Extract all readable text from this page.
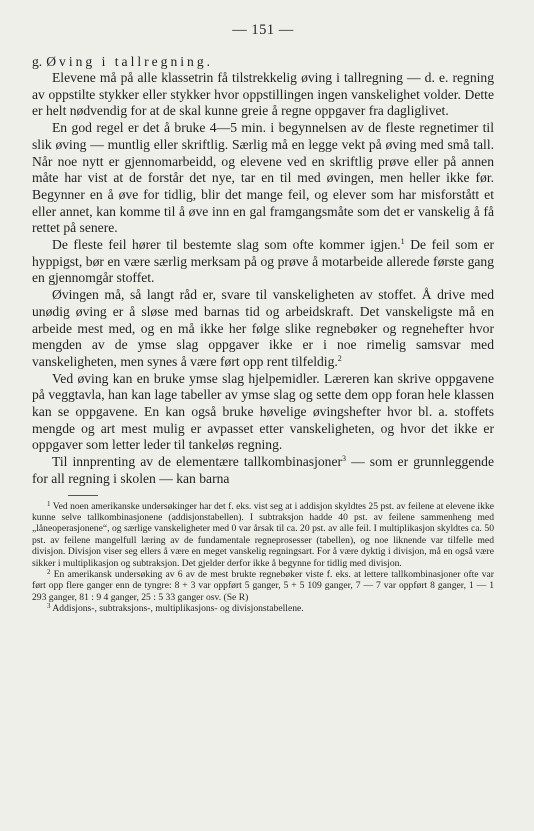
— 151 —

g. Øving i tallregning.

Elevene må på alle klassetrin få tilstrekkelig øving i tallregning — d. e. regning av oppstilte stykker eller stykker hvor oppstillingen ingen vanskelighet volder. Dette er helt nødvendig for at de skal kunne greie å regne oppgaver fra dagliglivet.

En god regel er det å bruke 4—5 min. i begynnelsen av de fleste regnetimer til slik øving — muntlig eller skriftlig. Særlig må en legge vekt på øving med små tall. Når noe nytt er gjennomarbeidd, og elevene ved en skriftlig prøve eller på annen måte har vist at de forstår det nye, tar en til med øvingen, men heller ikke før. Begynner en å øve for tidlig, blir det mange feil, og elever som har misforstått et eller annet, kan komme til å øve inn en gal framgangsmåte som det er vanskelig å få rettet på senere.

De fleste feil hører til bestemte slag som ofte kommer igjen.$^1$ De feil som er hyppigst, bør en være særlig merksam på og prøve å motarbeide allerede første gang en gjennomgår stoffet.

Øvingen må, så langt råd er, svare til vanskeligheten av stoffet. Å drive med unødig øving er å sløse med barnas tid og arbeidskraft. Det vanskeligste må en arbeide mest med, og en må ikke her følge slike regnebøker og regnehefter hvor mengden av de ymse slag oppgaver ikke er i noe rimelig samsvar med vanskeligheten, men synes å være ført opp rent tilfeldig.$^2$

Ved øving kan en bruke ymse slag hjelpemidler. Læreren kan skrive oppgavene på veggtavla, han kan lage tabeller av ymse slag og sette dem opp foran hele klassen kan se oppgavene. En kan også bruke høvelige øvingshefter hvor bl. a. stoffets mengde og art mest mulig er avpasset etter vanskeligheten, og hvor det ikke er oppgaver som letter leder til tankeløs regning.

Til innprenting av de elementære tallkombinasjoner$^3$ — som er grunnleggende for all regning i skolen — kan barna

$^1$ Ved noen amerikanske undersøkinger har det f. eks. vist seg at i addisjon skyldtes 25 pst. av feilene at elevene ikke kunne selve tallkombinasjonene (addisjonstabellen). I subtraksjon hadde 40 pst. av feilene sammenheng med „låneoperasjonene“, og særlige vanskeligheter med 0 var årsak til ca. 20 pst. av alle feil. I multiplikasjon skyldtes ca. 50 pst. av feilene mangelfull læring av de fundamentale regneprosesser (tabellen), og noe liknende var tilfelle med divisjon. Divisjon viser seg ellers å være en meget vanskelig regningsart. For å være dyktig i divisjon, må en også være sikker i multiplikasjon og subtraksjon. Det gjelder derfor ikke å begynne for tidlig med divisjon.

$^2$ En amerikansk undersøking av 6 av de mest brukte regnebøker viste f. eks. at lettere tallkombinasjoner ofte var ført opp flere ganger enn de tyngre: 8 + 3 var oppført 5 ganger, 5 + 5 109 ganger, 7 — 7 var oppført 8 ganger, 1 — 1 293 ganger, 81 : 9 4 ganger, 25 : 5 33 ganger osv. (Se R)

$^3$ Addisjons-, subtraksjons-, multiplikasjons- og divisjonstabellene.
